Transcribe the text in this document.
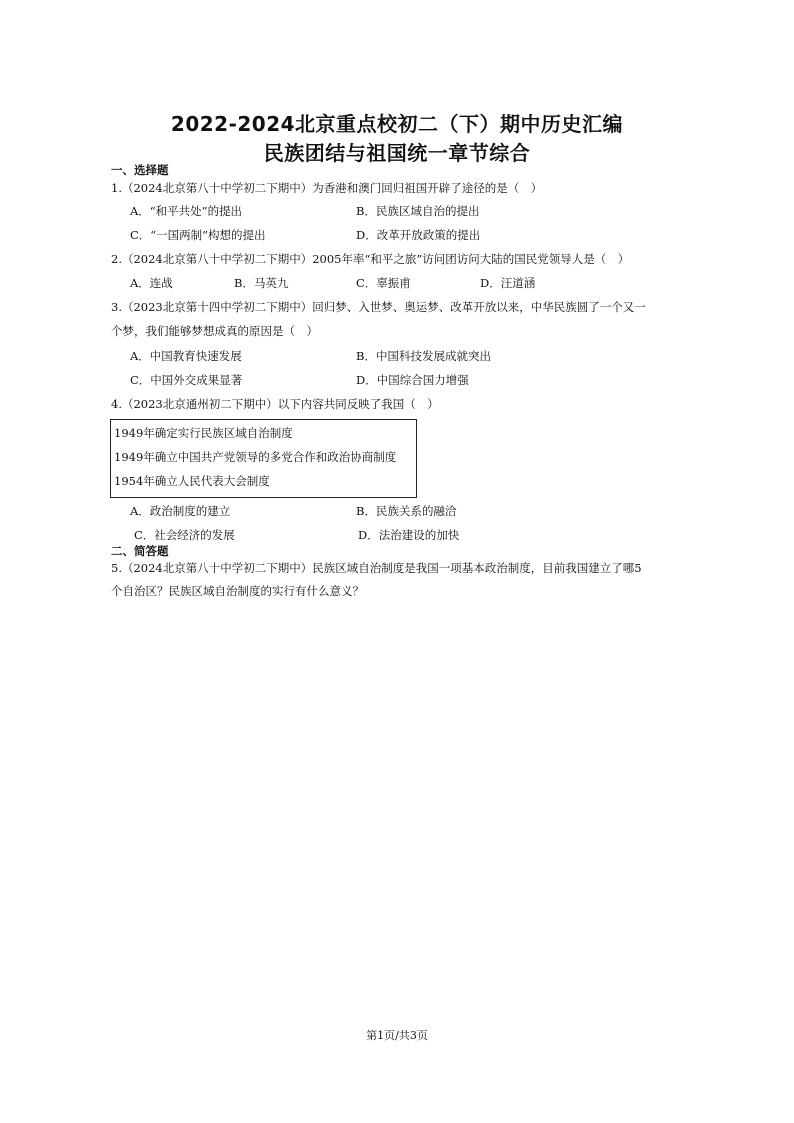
2022-2024北京重点校初二（下）期中历史汇编
民族团结与祖国统一章节综合
一、选择题
1.（2024北京第八十中学初二下期中）为香港和澳门回归祖国开辟了途径的是（　）
A．“和平共处”的提出	B．民族区域自治的提出
C．“一国两制”构想的提出	D．改革开放政策的提出
2.（2024北京第八十中学初二下期中）2005年率“和平之旅”访问团访问大陆的国民党领导人是（　）
A．连战	B．马英九	C．辜振甫	D．汪道涵
3.（2023北京第十四中学初二下期中）回归梦、入世梦、奥运梦、改革开放以来，中华民族圆了一个又一
个梦，我们能够梦想成真的原因是（　）
A．中国教育快速发展	B．中国科技发展成就突出
C．中国外交成果显著	D．中国综合国力增强
4.（2023北京通州初二下期中）以下内容共同反映了我国（　）
1949年确定实行民族区域自治制度
1949年确立中国共产党领导的多党合作和政治协商制度
1954年确立人民代表大会制度
A．政治制度的建立	B．民族关系的融洽
C．社会经济的发展	D．法治建设的加快
二、简答题
5.（2024北京第八十中学初二下期中）民族区域自治制度是我国一项基本政治制度，目前我国建立了哪5
个自治区？民族区域自治制度的实行有什么意义？
第1页/共3页
